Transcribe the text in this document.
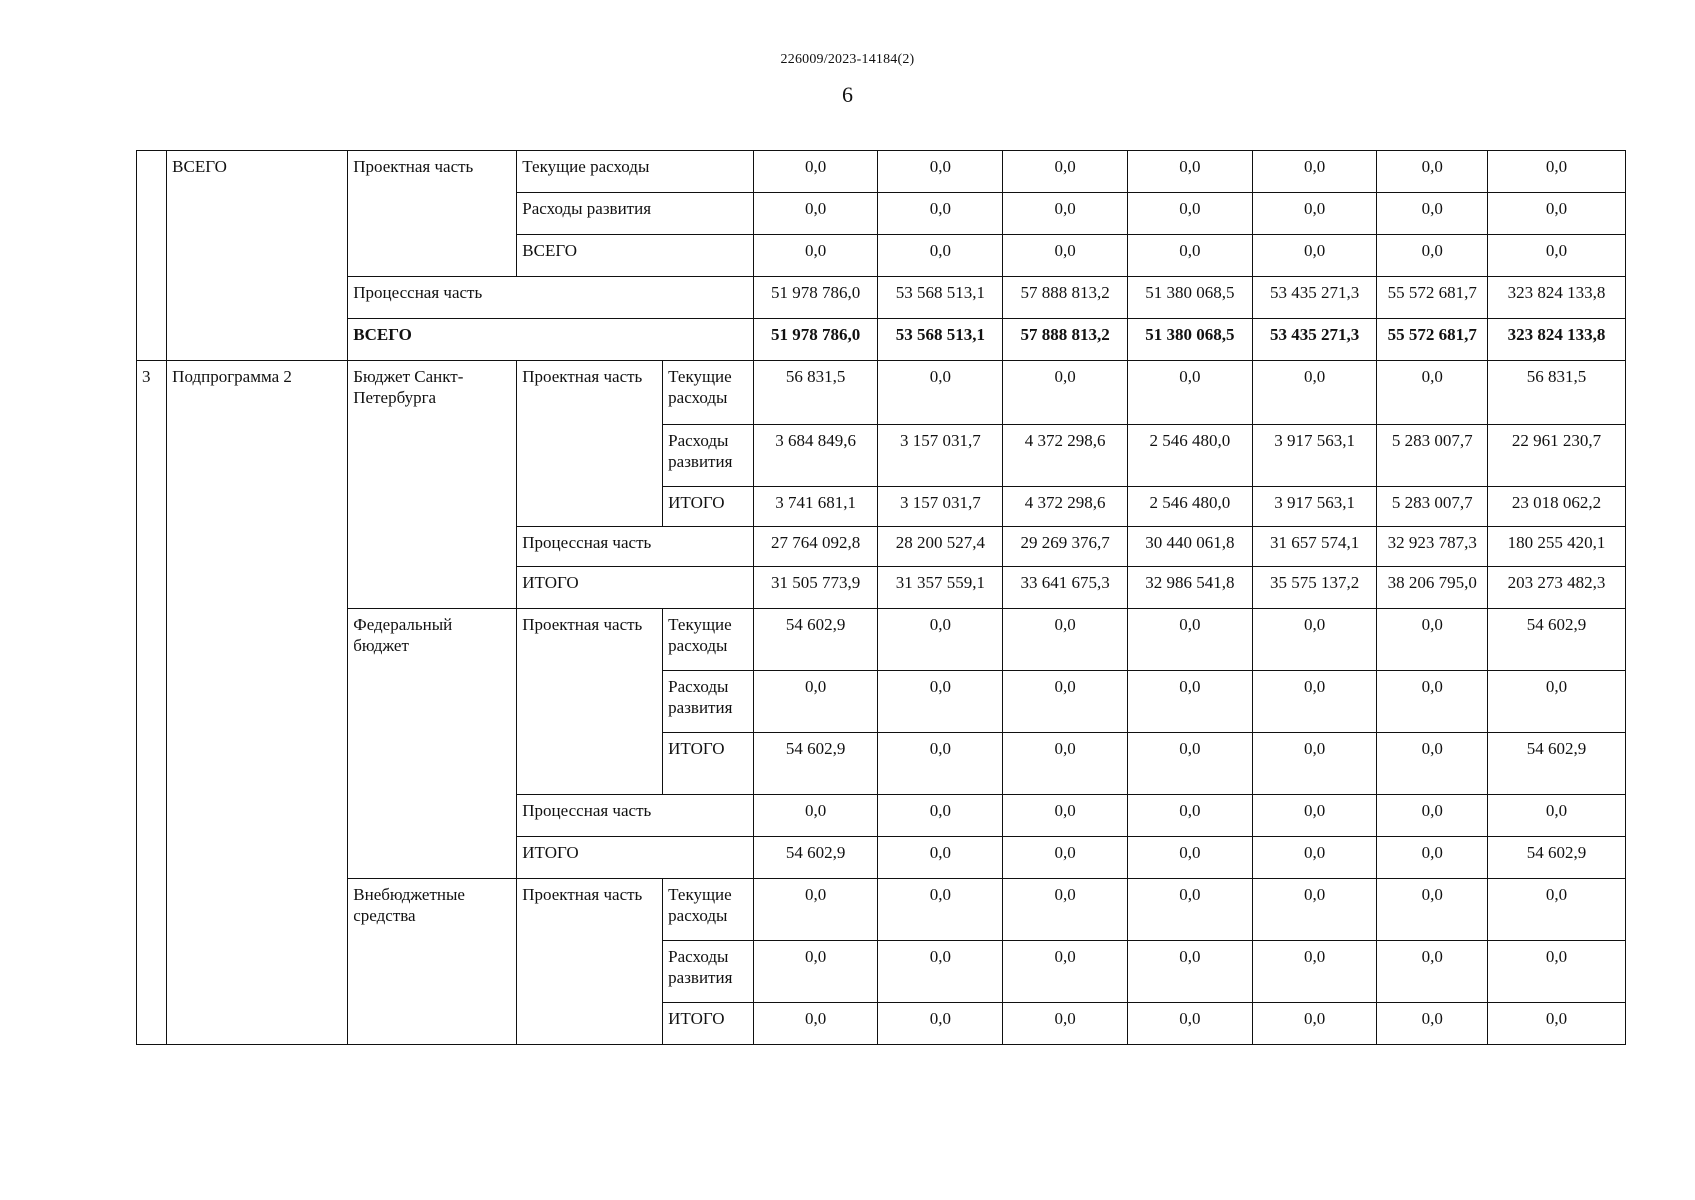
226009/2023-14184(2)
6
	ВСЕГО	Проектная часть	Текущие расходы		0,0	0,0	0,0	0,0	0,0	0,0	0,0
			Расходы развития		0,0	0,0	0,0	0,0	0,0	0,0	0,0
			ВСЕГО		0,0	0,0	0,0	0,0	0,0	0,0	0,0
		Процессная часть			51 978 786,0	53 568 513,1	57 888 813,2	51 380 068,5	53 435 271,3	55 572 681,7	323 824 133,8
		ВСЕГО			51 978 786,0	53 568 513,1	57 888 813,2	51 380 068,5	53 435 271,3	55 572 681,7	323 824 133,8
3	Подпрограмма 2	Бюджет Санкт-Петербурга	Проектная часть	Текущие расходы	56 831,5	0,0	0,0	0,0	0,0	0,0	56 831,5
				Расходы развития	3 684 849,6	3 157 031,7	4 372 298,6	2 546 480,0	3 917 563,1	5 283 007,7	22 961 230,7
				ИТОГО	3 741 681,1	3 157 031,7	4 372 298,6	2 546 480,0	3 917 563,1	5 283 007,7	23 018 062,2
			Процессная часть		27 764 092,8	28 200 527,4	29 269 376,7	30 440 061,8	31 657 574,1	32 923 787,3	180 255 420,1
			ИТОГО		31 505 773,9	31 357 559,1	33 641 675,3	32 986 541,8	35 575 137,2	38 206 795,0	203 273 482,3
		Федеральный бюджет	Проектная часть	Текущие расходы	54 602,9	0,0	0,0	0,0	0,0	0,0	54 602,9
				Расходы развития	0,0	0,0	0,0	0,0	0,0	0,0	0,0
				ИТОГО	54 602,9	0,0	0,0	0,0	0,0	0,0	54 602,9
			Процессная часть		0,0	0,0	0,0	0,0	0,0	0,0	0,0
			ИТОГО		54 602,9	0,0	0,0	0,0	0,0	0,0	54 602,9
		Внебюджетные средства	Проектная часть	Текущие расходы	0,0	0,0	0,0	0,0	0,0	0,0	0,0
				Расходы развития	0,0	0,0	0,0	0,0	0,0	0,0	0,0
				ИТОГО	0,0	0,0	0,0	0,0	0,0	0,0	0,0
